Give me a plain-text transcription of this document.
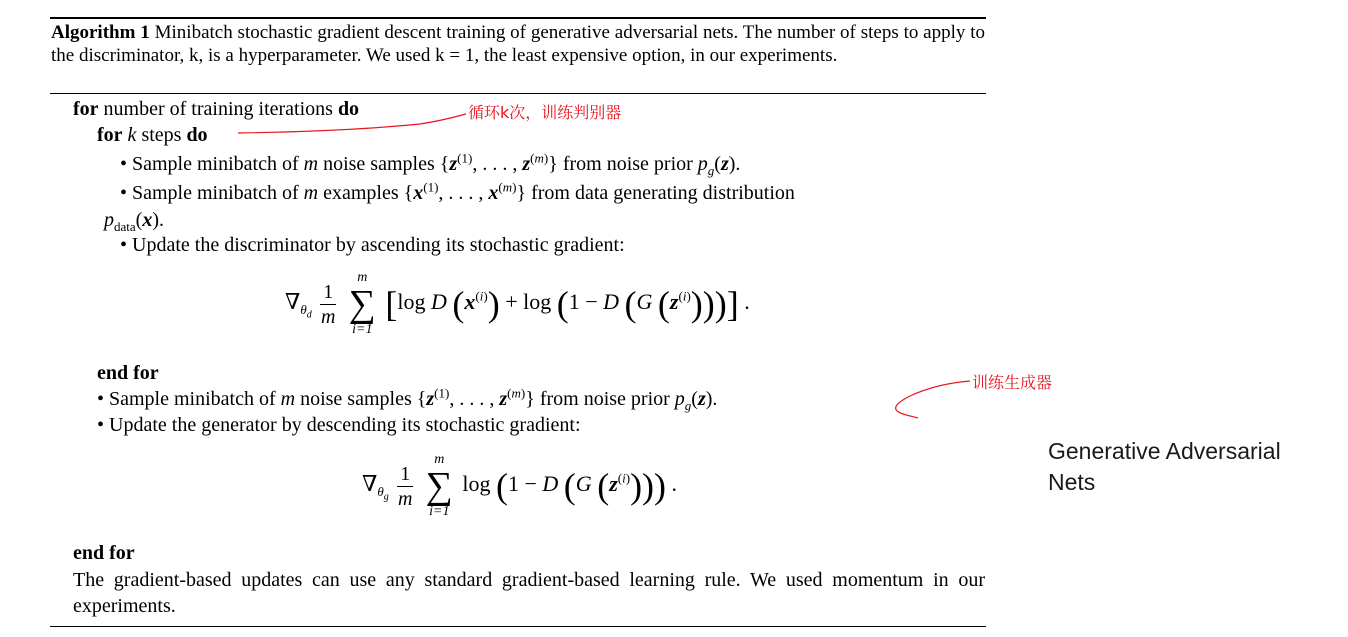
Algorithm 1 Minibatch stochastic gradient descent training of generative adversarial nets. The number of steps to apply to the discriminator, k, is a hyperparameter. We used k = 1, the least expensive option, in our experiments.
for number of training iterations do
for k steps do
• Sample minibatch of m noise samples {$z^{(1)}$, . . . , $z^{(m)}$} from noise prior $p_g(z)$.
• Sample minibatch of m examples {$x^{(1)}$, . . . , $x^{(m)}$} from data generating distribution
$p_{data}(x)$.
• Update the discriminator by ascending its stochastic gradient:
$\nabla_{\theta_d} \frac{1}{m}$

m
∑
i=1
[log D $(x^{(i)}) + \log (1 - D$ (G $(z^{(i)})$))] .
end for
• Sample minibatch of m noise samples {$z^{(1)}$, . . . , $z^{(m)}$} from noise prior $p_g(z)$.
• Update the generator by descending its stochastic gradient:
$\nabla_{\theta_g} \frac{1}{m}$

m
∑
i=1
log (1 − D (G $(z^{(i)})$)) .
end for
The gradient-based updates can use any standard gradient-based learning rule. We used momentum in our experiments.
循环k次，训练判别器
训练生成器
Generative Adversarial
Nets
